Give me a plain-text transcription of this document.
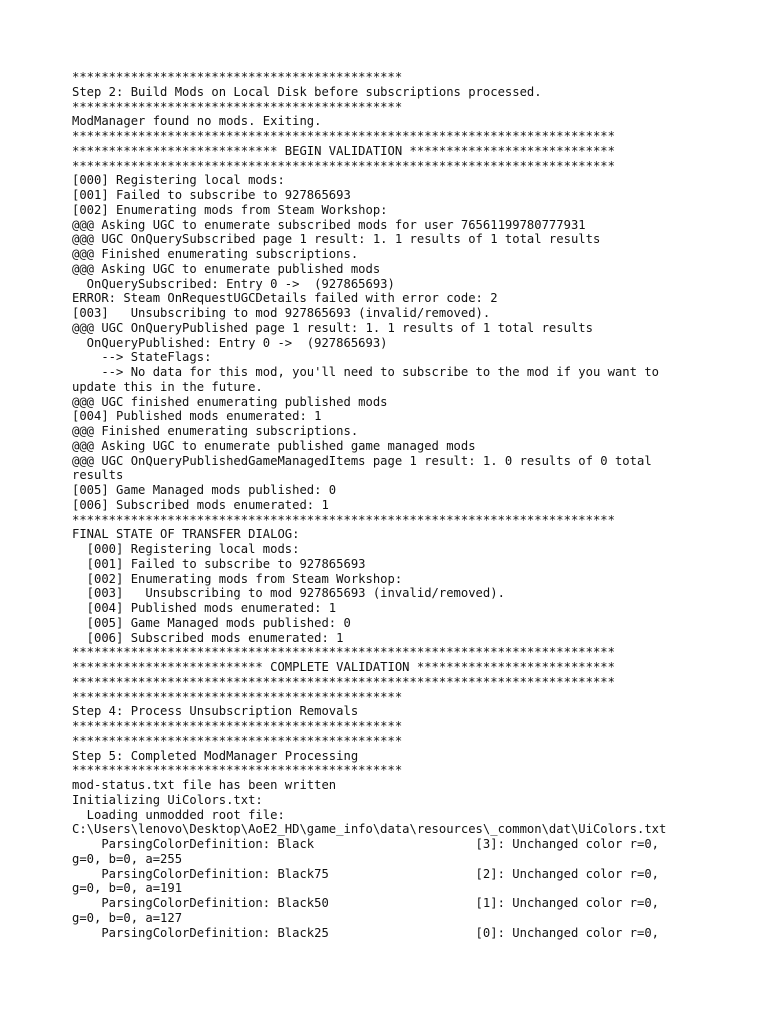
*********************************************
Step 2: Build Mods on Local Disk before subscriptions processed.
*********************************************
ModManager found no mods. Exiting.
**************************************************************************
**************************** BEGIN VALIDATION ****************************
**************************************************************************
[000] Registering local mods:
[001] Failed to subscribe to 927865693
[002] Enumerating mods from Steam Workshop:
@@@ Asking UGC to enumerate subscribed mods for user 76561199780777931
@@@ UGC OnQuerySubscribed page 1 result: 1. 1 results of 1 total results
@@@ Finished enumerating subscriptions.
@@@ Asking UGC to enumerate published mods
OnQuerySubscribed: Entry 0 ->  (927865693)
ERROR: Steam OnRequestUGCDetails failed with error code: 2
[003]   Unsubscribing to mod 927865693 (invalid/removed).
@@@ UGC OnQueryPublished page 1 result: 1. 1 results of 1 total results
OnQueryPublished: Entry 0 ->  (927865693)
--> StateFlags:
--> No data for this mod, you'll need to subscribe to the mod if you want to
update this in the future.
@@@ UGC finished enumerating published mods
[004] Published mods enumerated: 1
@@@ Finished enumerating subscriptions.
@@@ Asking UGC to enumerate published game managed mods
@@@ UGC OnQueryPublishedGameManagedItems page 1 result: 1. 0 results of 0 total
results
[005] Game Managed mods published: 0
[006] Subscribed mods enumerated: 1
**************************************************************************
FINAL STATE OF TRANSFER DIALOG:
[000] Registering local mods:
[001] Failed to subscribe to 927865693
[002] Enumerating mods from Steam Workshop:
[003]   Unsubscribing to mod 927865693 (invalid/removed).
[004] Published mods enumerated: 1
[005] Game Managed mods published: 0
[006] Subscribed mods enumerated: 1
**************************************************************************
************************** COMPLETE VALIDATION ***************************
**************************************************************************
*********************************************
Step 4: Process Unsubscription Removals
*********************************************
*********************************************
Step 5: Completed ModManager Processing
*********************************************
mod-status.txt file has been written
Initializing UiColors.txt:
Loading unmodded root file:
C:\Users\lenovo\Desktop\AoE2_HD\game_info\data\resources\_common\dat\UiColors.txt
ParsingColorDefinition: Black                      [3]: Unchanged color r=0,
g=0, b=0, a=255
ParsingColorDefinition: Black75                    [2]: Unchanged color r=0,
g=0, b=0, a=191
ParsingColorDefinition: Black50                    [1]: Unchanged color r=0,
g=0, b=0, a=127
ParsingColorDefinition: Black25                    [0]: Unchanged color r=0,
